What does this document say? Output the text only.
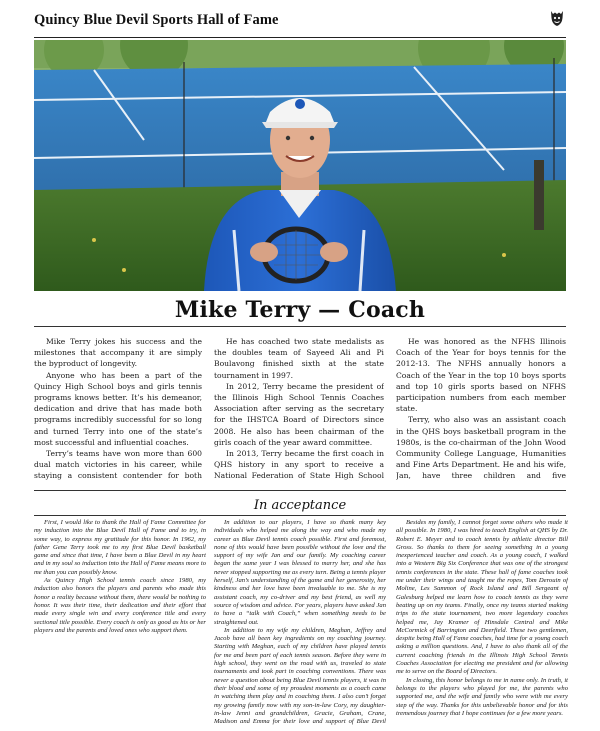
Quincy Blue Devil Sports Hall of Fame
Mike Terry — Coach

Mike Terry jokes his success and the milestones that accompany it are simply the byproduct of longevity.

Anyone who has been a part of the Quincy High School boys and girls tennis programs knows better. It’s his demeanor, dedication and drive that has made both programs incredibly successful for so long and turned Terry into one of the state’s most successful and influential coaches.

Terry’s teams have won more than 600 dual match victories in his career, while staying a consistent contender for both

He has coached two state medalists as the doubles team of Sayeed Ali and Pi Boulavong finished sixth at the state tournament in 1997.

In 2012, Terry became the president of the Illinois High School Tennis Coaches Association after serving as the secretary for the IHSTCA Board of Directors since 2008. He also has been chairman of the girls coach of the year award committee.

In 2013, Terry became the first coach in QHS history in any sport to receive a National Federation of State High School

He was honored as the NFHS Illinois Coach of the Year for boys tennis for the 2012-13. The NFHS annually honors a Coach of the Year in the top 10 boys sports and top 10 girls sports based on NFHS participation numbers from each member state.

Terry, who also was an assistant coach in the QHS boys basketball program in the 1980s, is the co-chairman of the John Wood Community College Language, Humanities and Fine Arts Department. He and his wife, Jan, have three children and five

In acceptance

First, I would like to thank the Hall of Fame Committee for my induction into the Blue Devil Hall of Fame and to try, in some way, to express my gratitude for this honor. In 1962, my father Gene Terry took me to my first Blue Devil basketball game and since that time, I have been a Blue Devil in my heart and in my soul so induction into the Hall of Fame means more to me than you can possibly know.

As Quincy High School tennis coach since 1980, my induction also honors the players and parents who made this honor a reality because without them, there would be nothing to honor. It was their time, their dedication and their effort that made every single win and every conference title and every sectional title possible. Every coach is only as good as his or her players and the parents and loved ones who support them.

In addition to our players, I have so thank many key individuals who helped me along the way and who made my career as Blue Devil tennis coach possible. First and foremost, none of this would have been possible without the love and the support of my wife Jan and our family. My coaching career began the same year I was blessed to marry her, and she has never stopped supporting me as every turn. Being a tennis player herself, Jan’s understanding of the game and her generosity, her kindness and her love have been invaluable to me. She is my assistant coach, my co-driver and my best friend, as well my source of wisdom and advice. For years, players have asked Jan to have a “talk with Coach,” when something needs to be straightened out.

In addition to my wife my children, Meghan, Jeffrey and Jacob have all been key ingredients on my coaching journey. Starting with Meghan, each of my children have played tennis for me and been part of each tennis season. Before they were in high school, they went on the road with us, traveled to state tournaments and took part in coaching conventions. There was never a question about being Blue Devil tennis players, it was in their blood and some of my proudest moments as a coach came in watching them play and in coaching them. I also can’t forget my growing family now with my son-in-law Cory, my daughter-in-law Jenni and grandchildren, Gracie, Graham, Crane, Madison and Emma for their love and support of Blue Devil

Besides my family, I cannot forget some others who made it all possible. In 1980, I was hired to teach English at QHS by Dr. Robert E. Meyer and to coach tennis by athletic director Bill Gross. So thanks to them for seeing something in a young inexperienced teacher and coach. As a young coach, I walked into a Western Big Six Conference that was one of the strongest tennis conferences in the state. These hall of fame coaches took me under their wings and taught me the ropes, Tom Derouin of Moline, Les Sammon of Rock Island and Bill Sergeant of Galesburg helped me learn how to coach tennis as they were beating up on my teams. Finally, once my teams started making trips to the state tournament, two more legendary coaches helped me, Jay Kramer of Hinsdale Central and Mike McCormick of Barrington and Deerfield. These two gentlemen, despite being Hall of Fame coaches, had time for a young coach asking a million questions. And, I have to also thank all of the current coaching friends in the Illinois High School Tennis Coaches Association for electing me president and for allowing me to serve on the Board of Directors.

In closing, this honor belongs to me in name only. In truth, it belongs to the players who played for me, the parents who supported me, and the wife and family who were with me every step of the way. Thanks for this unbelievable honor and for this tremendous journey that I hope continues for a few more years.
